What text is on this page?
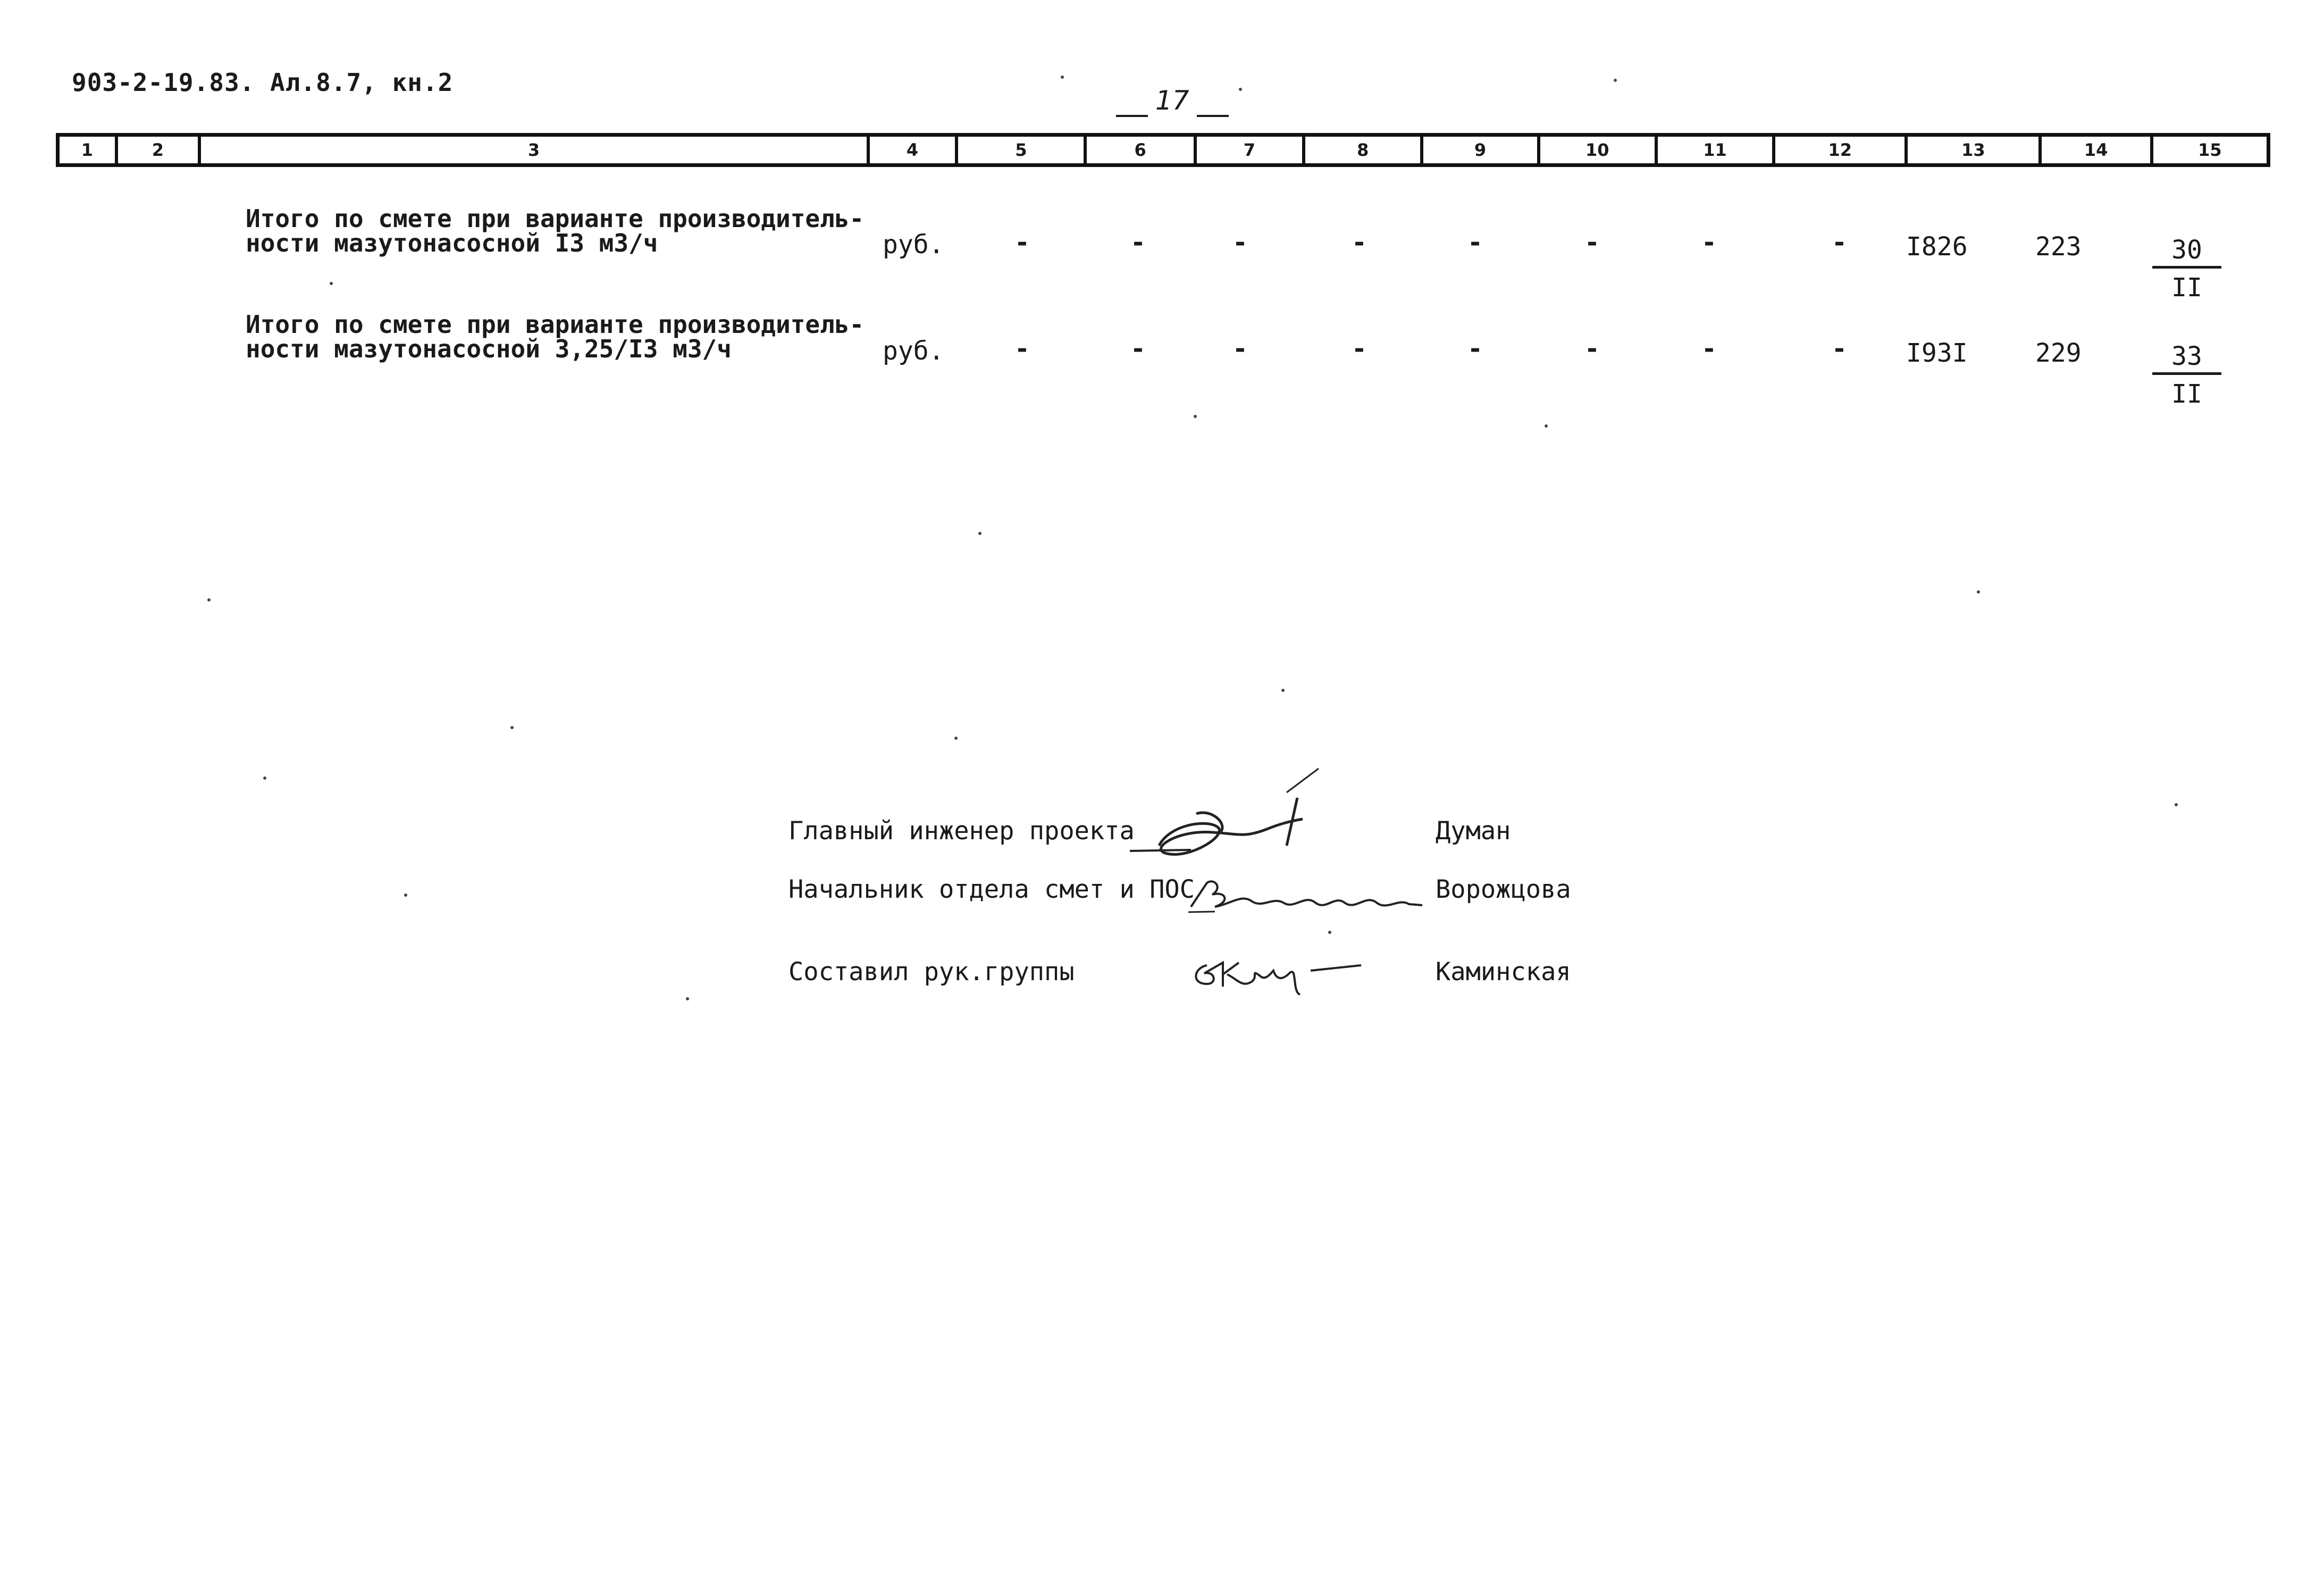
903-2-19.83. Ал.8.7, кн.2
17
1	2	3	4	5	6	7	8	9	10	11	12	13	14	15
Итого по смете при варианте производитель-
ности мазутонасосной I3 м3/ч	руб.	-	-	-	-	-	-	-	- I826	223	$\frac{30}{II}$
Итого по смете при варианте производитель-
ности мазутонасосной 3,25/I3 м3/ч	руб.	-	-	-	-	-	-	-	- I93I	229	$\frac{33}{II}$
Главный инженер проекта	Думан
Начальник отдела смет и ПОС	Ворожцова
Составил рук.группы	Каминская
